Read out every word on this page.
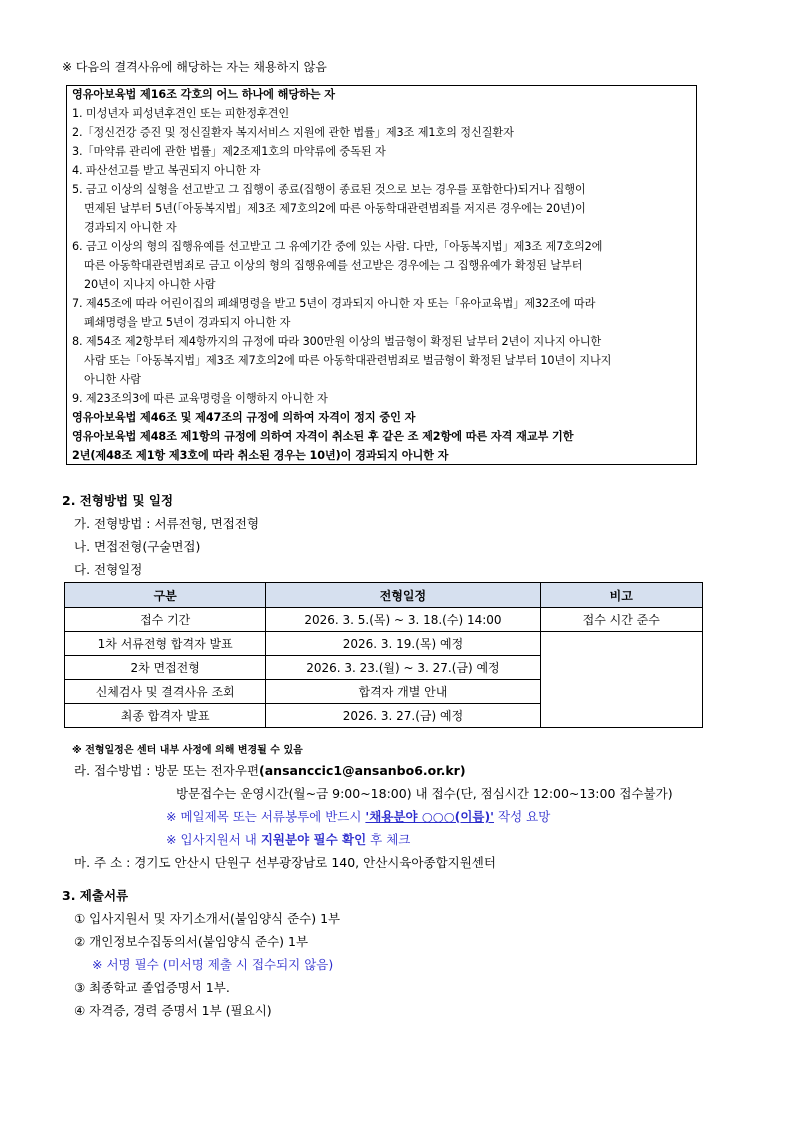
※ 다음의 결격사유에 해당하는 자는 채용하지 않음
영유아보육법 제16조 각호의 어느 하나에 해당하는 자
1. 미성년자 피성년후견인 또는 피한정후견인
2.「정신건강 증진 및 정신질환자 복지서비스 지원에 관한 법률」제3조 제1호의 정신질환자
3.「마약류 관리에 관한 법률」제2조제1호의 마약류에 중독된 자
4. 파산선고를 받고 복권되지 아니한 자
5. 금고 이상의 실형을 선고받고 그 집행이 종료(집행이 종료된 것으로 보는 경우를 포함한다)되거나 집행이
면제된 날부터 5년(「아동복지법」제3조 제7호의2에 따른 아동학대관련범죄를 저지른 경우에는 20년)이
경과되지 아니한 자
6. 금고 이상의 형의 집행유예를 선고받고 그 유예기간 중에 있는 사람. 다만,「아동복지법」제3조 제7호의2에
따른 아동학대관련범죄로 금고 이상의 형의 집행유예를 선고받은 경우에는 그 집행유예가 확정된 날부터
20년이 지나지 아니한 사람
7. 제45조에 따라 어린이집의 폐쇄명령을 받고 5년이 경과되지 아니한 자 또는「유아교육법」제32조에 따라
폐쇄명령을 받고 5년이 경과되지 아니한 자
8. 제54조 제2항부터 제4항까지의 규정에 따라 300만원 이상의 벌금형이 확정된 날부터 2년이 지나지 아니한
사람 또는「아동복지법」제3조 제7호의2에 따른 아동학대관련범죄로 벌금형이 확정된 날부터 10년이 지나지
아니한 사람
9. 제23조의3에 따른 교육명령을 이행하지 아니한 자
영유아보육법 제46조 및 제47조의 규정에 의하여 자격이 정지 중인 자
영유아보육법 제48조 제1항의 규정에 의하여 자격이 취소된 후 같은 조 제2항에 따른 자격 재교부 기한
2년(제48조 제1항 제3호에 따라 취소된 경우는 10년)이 경과되지 아니한 자
2. 전형방법 및 일정
가. 전형방법 : 서류전형, 면접전형
나. 면접전형(구술면접)
다. 전형일정
구분	전형일정	비고
접수 기간	2026. 3. 5.(목) ~ 3. 18.(수) 14:00	접수 시간 준수
1차 서류전형 합격자 발표	2026. 3. 19.(목) 예정	
2차 면접전형	2026. 3. 23.(월) ~ 3. 27.(금) 예정	
신체검사 및 결격사유 조회	합격자 개별 안내	
최종 합격자 발표	2026. 3. 27.(금) 예정	
※ 전형일정은 센터 내부 사정에 의해 변경될 수 있음
라. 접수방법 : 방문 또는 전자우편(ansanccic1@ansanbo6.or.kr)
방문접수는 운영시간(월~금 9:00~18:00) 내 접수(단, 점심시간 12:00~13:00 접수불가)
※ 메일제목 또는 서류봉투에 반드시 '채용분야 ○○○(이름)' 작성 요망
※ 입사지원서 내 지원분야 필수 확인 후 체크
마. 주 소 : 경기도 안산시 단원구 선부광장남로 140, 안산시육아종합지원센터
3. 제출서류
① 입사지원서 및 자기소개서(붙임양식 준수) 1부
② 개인정보수집동의서(붙임양식 준수) 1부
※ 서명 필수 (미서명 제출 시 접수되지 않음)
③ 최종학교 졸업증명서 1부.
④ 자격증, 경력 증명서 1부 (필요시)
